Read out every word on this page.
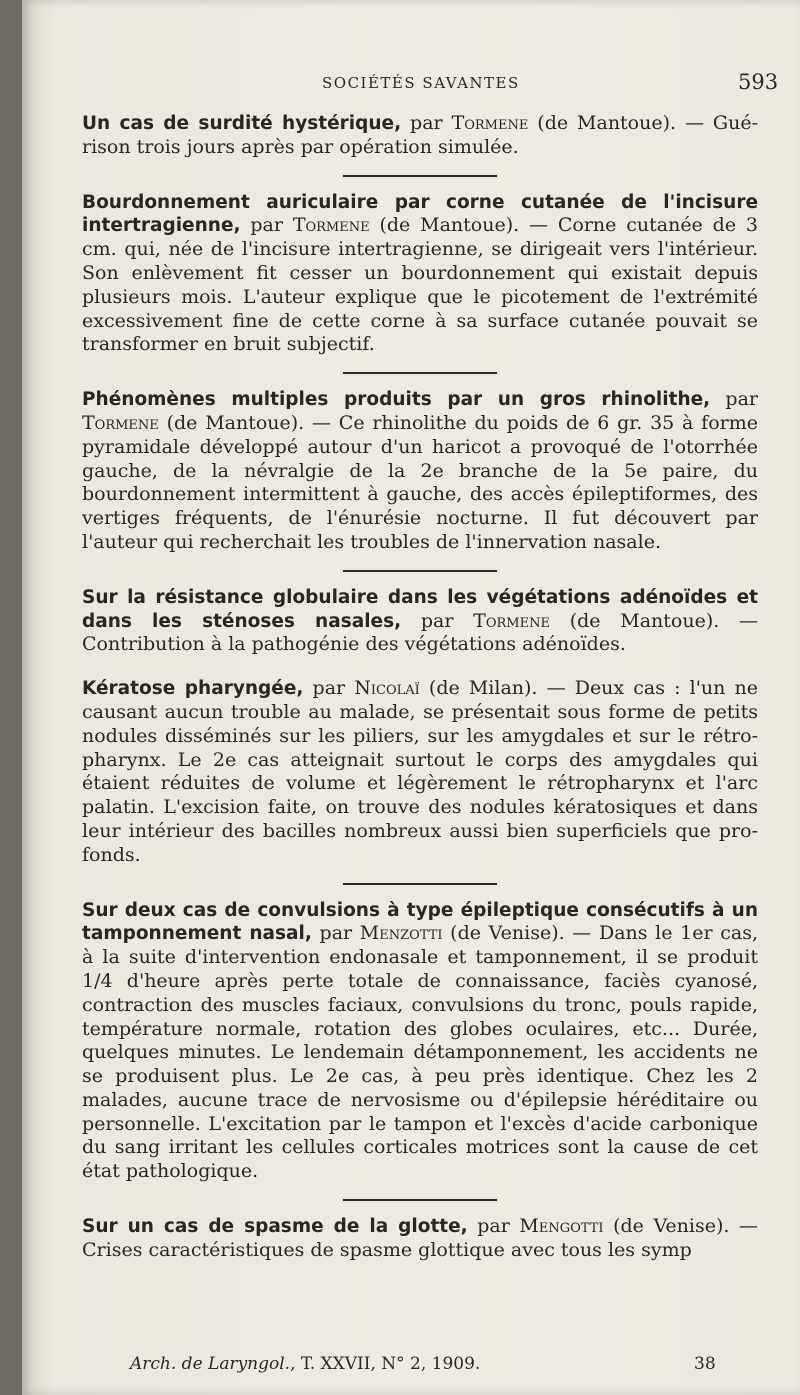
SOCIÉTÉS SAVANTES	593

Un cas de surdité hystérique, par Tormene (de Mantoue). — Guérison trois jours après par opération simulée.

Bourdonnement auriculaire par corne cutanée de l'incisure intertragienne, par Tormene (de Mantoue). — Corne cutanée de 3 cm. qui, née de l'incisure intertragienne, se dirigeait vers l'intérieur. Son enlèvement fit cesser un bourdonnement qui existait depuis plusieurs mois. L'auteur explique que le picotement de l'extrémité excessivement fine de cette corne à sa surface cutanée pouvait se transformer en bruit subjectif.

Phénomènes multiples produits par un gros rhinolithe, par Tormene (de Mantoue). — Ce rhinolithe du poids de 6 gr. 35 à forme pyramidale développé autour d'un haricot a provoqué de l'otorrhée gauche, de la névralgie de la 2e branche de la 5e paire, du bourdonnement intermittent à gauche, des accès épileptiformes, des vertiges fréquents, de l'énurésie nocturne. Il fut découvert par l'auteur qui recherchait les troubles de l'innervation nasale.

Sur la résistance globulaire dans les végétations adénoïdes et dans les sténoses nasales, par Tormene (de Mantoue). — Contribution à la pathogénie des végétations adénoïdes.

Kératose pharyngée, par Nicolaï (de Milan). — Deux cas : l'un ne causant aucun trouble au malade, se présentait sous forme de petits nodules disséminés sur les piliers, sur les amygdales et sur le rétropharynx. Le 2e cas atteignait surtout le corps des amygdales qui étaient réduites de volume et légèrement le rétropharynx et l'arc palatin. L'excision faite, on trouve des nodules kératosiques et dans leur intérieur des bacilles nombreux aussi bien superficiels que profonds.

Sur deux cas de convulsions à type épileptique consécutifs à un tamponnement nasal, par Menzotti (de Venise). — Dans le 1er cas, à la suite d'intervention endonasale et tamponnement, il se produit 1/4 d'heure après perte totale de connaissance, faciès cyanosé, contraction des muscles faciaux, convulsions du tronc, pouls rapide, température normale, rotation des globes oculaires, etc... Durée, quelques minutes. Le lendemain détamponnement, les accidents ne se produisent plus. Le 2e cas, à peu près identique. Chez les 2 malades, aucune trace de nervosisme ou d'épilepsie héréditaire ou personnelle. L'excitation par le tampon et l'excès d'acide carbonique du sang irritant les cellules corticales motrices sont la cause de cet état pathologique.

Sur un cas de spasme de la glotte, par Mengotti (de Venise). — Crises caractéristiques de spasme glottique avec tous les symp

Arch. de Laryngol., T. XXVII, N° 2, 1909.	38
